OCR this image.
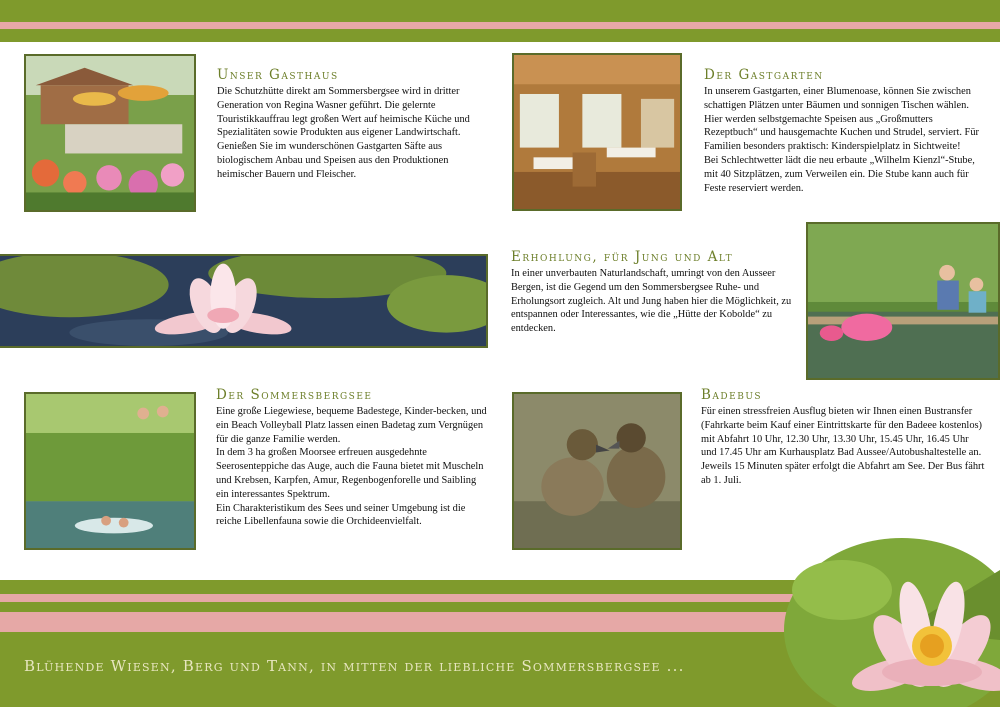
Unser Gasthaus

Die Schutzhütte direkt am Sommersbergsee wird in dritter Generation von Regina Wasner geführt. Die gelernte Touristikkauffrau legt großen Wert auf heimische Küche und Spezialitäten sowie Produkten aus eigener Landwirtschaft.
Genießen Sie im wunderschönen Gastgarten Säfte aus biologischem Anbau und Speisen aus den Produktionen heimischer Bauern und Fleischer.

Der Gastgarten

In unserem Gastgarten, einer Blumenoase, können Sie zwischen schattigen Plätzen unter Bäumen und sonnigen Tischen wählen. Hier werden selbstgemachte Speisen aus „Großmutters Rezeptbuch“ und hausgemachte Kuchen und Strudel, serviert. Für Familien besonders praktisch: Kinderspielplatz in Sichtweite!
Bei Schlechtwetter lädt die neu erbaute „Wilhelm Kienzl“-Stube, mit 40 Sitzplätzen, zum Verweilen ein. Die Stube kann auch für Feste reserviert werden.

Erhohlung, für Jung und Alt

In einer unverbauten Naturlandschaft, umringt von den Ausseer Bergen, ist die Gegend um den Sommersbergsee Ruhe- und Erholungsort zugleich. Alt und Jung haben hier die Möglichkeit, zu entspannen oder Interessantes, wie die „Hütte der Kobolde“ zu entdecken.

Der Sommersbergsee

Eine große Liegewiese, bequeme Badestege, Kinder-becken, und ein Beach Volleyball Platz lassen einen Badetag zum Vergnügen für die ganze Familie werden.
In dem 3 ha großen Moorsee erfreuen ausgedehnte Seerosenteppiche das Auge, auch die Fauna bietet mit Muscheln und Krebsen, Karpfen, Amur, Regenbogenforelle und Saibling ein interessantes Spektrum.
Ein Charakteristikum des Sees und seiner Umgebung ist die reiche Libellenfauna sowie die Orchideenvielfalt.

Badebus

Für einen stressfreien Ausflug bieten wir Ihnen einen Bustransfer (Fahrkarte beim Kauf einer Eintrittskarte für den Badeee kostenlos) mit Abfahrt 10 Uhr, 12.30 Uhr, 13.30 Uhr, 15.45 Uhr, 16.45 Uhr und 17.45 Uhr am Kurhausplatz Bad Aussee/Autobushaltestelle an. Jeweils 15 Minuten später erfolgt die Abfahrt am See. Der Bus fährt ab 1. Juli.

Blühende Wiesen, Berg und Tann, in mitten der liebliche Sommersbergsee ...
